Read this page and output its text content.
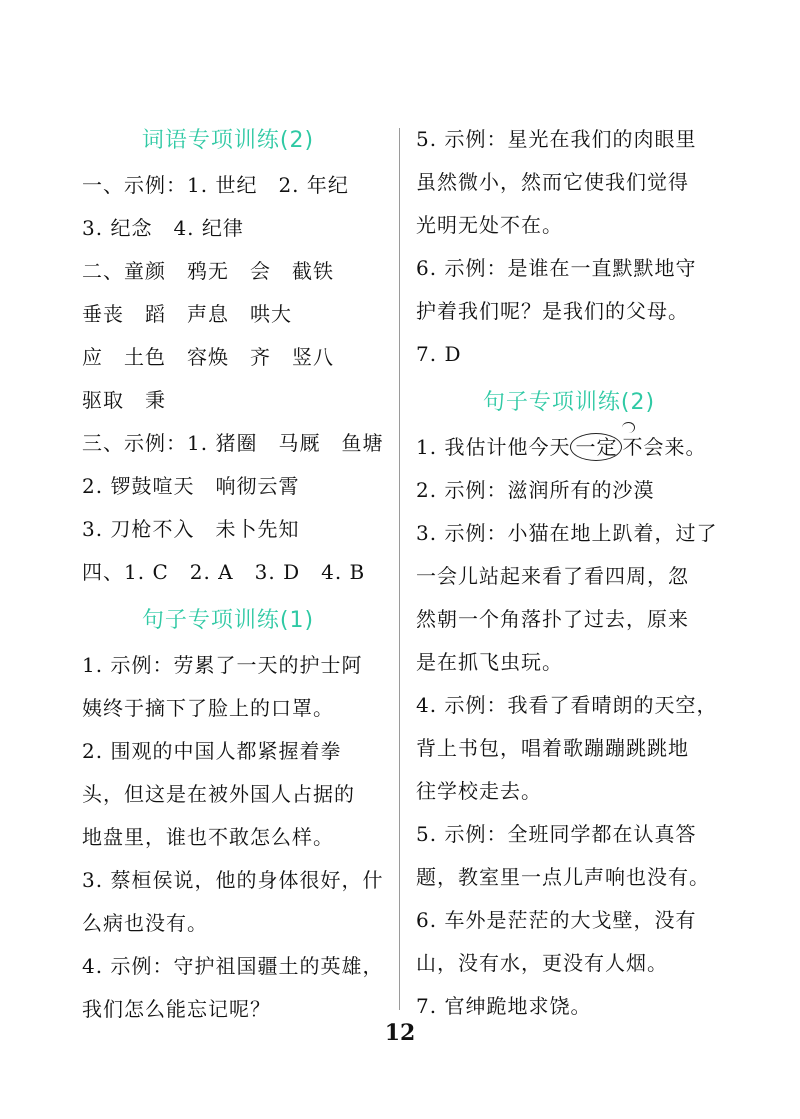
词语专项训练(2)
一、示例：1. 世纪　2. 年纪
3. 纪念　4. 纪律
二、童颜　鸦无　会　截铁
垂丧　蹈　声息　哄大
应　土色　容焕　齐　竖八
驱取　秉
三、示例：1. 猪圈　马厩　鱼塘
2. 锣鼓喧天　响彻云霄
3. 刀枪不入　未卜先知
四、1. C　2. A　3. D　4. B
句子专项训练(1)
1. 示例：劳累了一天的护士阿
姨终于摘下了脸上的口罩。
2. 围观的中国人都紧握着拳
头，但这是在被外国人占据的
地盘里，谁也不敢怎么样。
3. 蔡桓侯说，他的身体很好，什
么病也没有。
4. 示例：守护祖国疆土的英雄，
我们怎么能忘记呢？
5. 示例：星光在我们的肉眼里
虽然微小，然而它使我们觉得
光明无处不在。
6. 示例：是谁在一直默默地守
护着我们呢？是我们的父母。
7. D
句子专项训练(2)
1. 我估计他今天 一定 不会来。
2. 示例：滋润所有的沙漠
3. 示例：小猫在地上趴着，过了
一会儿站起来看了看四周，忽
然朝一个角落扑了过去，原来
是在抓飞虫玩。
4. 示例：我看了看晴朗的天空，
背上书包，唱着歌蹦蹦跳跳地
往学校走去。
5. 示例：全班同学都在认真答
题，教室里一点儿声响也没有。
6. 车外是茫茫的大戈壁，没有
山，没有水，更没有人烟。
7. 官绅跪地求饶。
12
